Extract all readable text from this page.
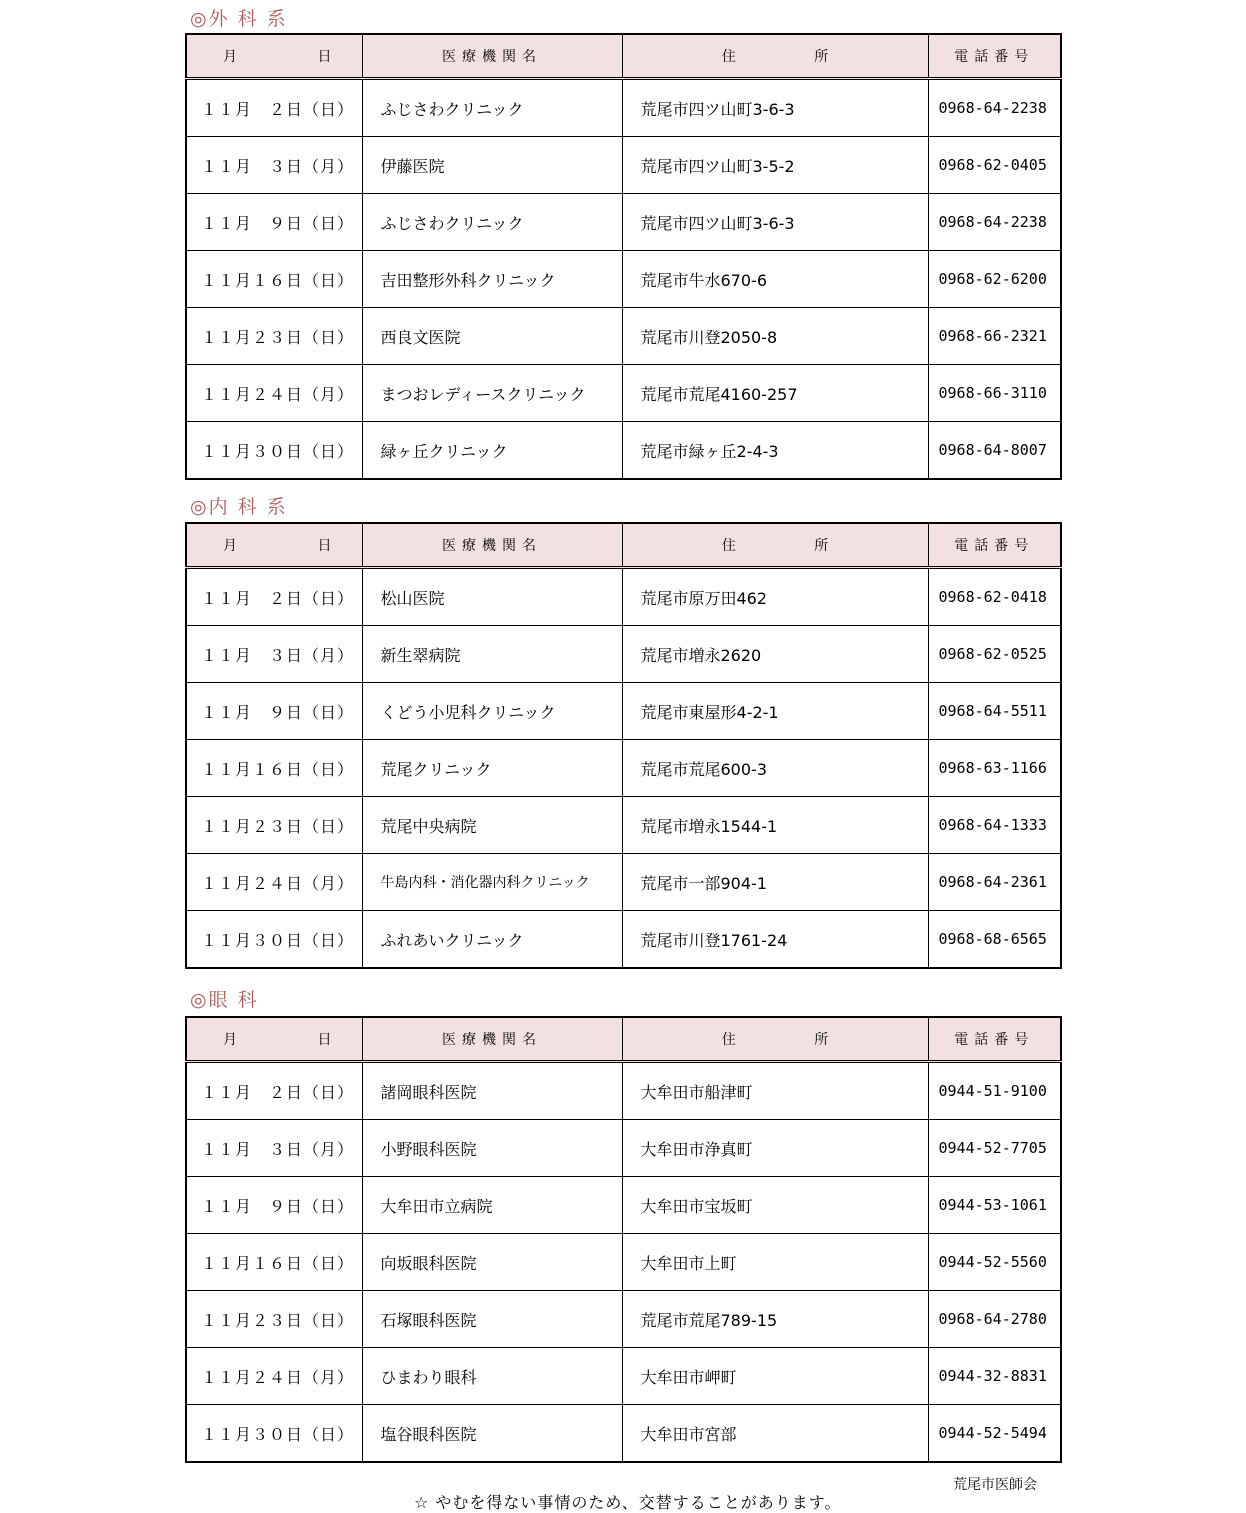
◎外 科 系
月 日	医療機関名	住 所	電話番号
１１月　２日（日）	ふじさわクリニック	荒尾市四ツ山町3-6-3	0968-64-2238
１１月　３日（月）	伊藤医院	荒尾市四ツ山町3-5-2	0968-62-0405
１１月　９日（日）	ふじさわクリニック	荒尾市四ツ山町3-6-3	0968-64-2238
１１月１６日（日）	吉田整形外科クリニック	荒尾市牛水670-6	0968-62-6200
１１月２３日（日）	西良文医院	荒尾市川登2050-8	0968-66-2321
１１月２４日（月）	まつおレディースクリニック	荒尾市荒尾4160-257	0968-66-3110
１１月３０日（日）	緑ヶ丘クリニック	荒尾市緑ヶ丘2-4-3	0968-64-8007
◎内 科 系
月 日	医療機関名	住 所	電話番号
１１月　２日（日）	松山医院	荒尾市原万田462	0968-62-0418
１１月　３日（月）	新生翠病院	荒尾市増永2620	0968-62-0525
１１月　９日（日）	くどう小児科クリニック	荒尾市東屋形4-2-1	0968-64-5511
１１月１６日（日）	荒尾クリニック	荒尾市荒尾600-3	0968-63-1166
１１月２３日（日）	荒尾中央病院	荒尾市増永1544-1	0968-64-1333
１１月２４日（月）	牛島内科・消化器内科クリニック	荒尾市一部904-1	0968-64-2361
１１月３０日（日）	ふれあいクリニック	荒尾市川登1761-24	0968-68-6565
◎眼 科
月 日	医療機関名	住 所	電話番号
１１月　２日（日）	諸岡眼科医院	大牟田市船津町	0944-51-9100
１１月　３日（月）	小野眼科医院	大牟田市浄真町	0944-52-7705
１１月　９日（日）	大牟田市立病院	大牟田市宝坂町	0944-53-1061
１１月１６日（日）	向坂眼科医院	大牟田市上町	0944-52-5560
１１月２３日（日）	石塚眼科医院	荒尾市荒尾789-15	0968-64-2780
１１月２４日（月）	ひまわり眼科	大牟田市岬町	0944-32-8831
１１月３０日（日）	塩谷眼科医院	大牟田市宮部	0944-52-5494
荒尾市医師会
☆ やむを得ない事情のため、交替することがあります。
